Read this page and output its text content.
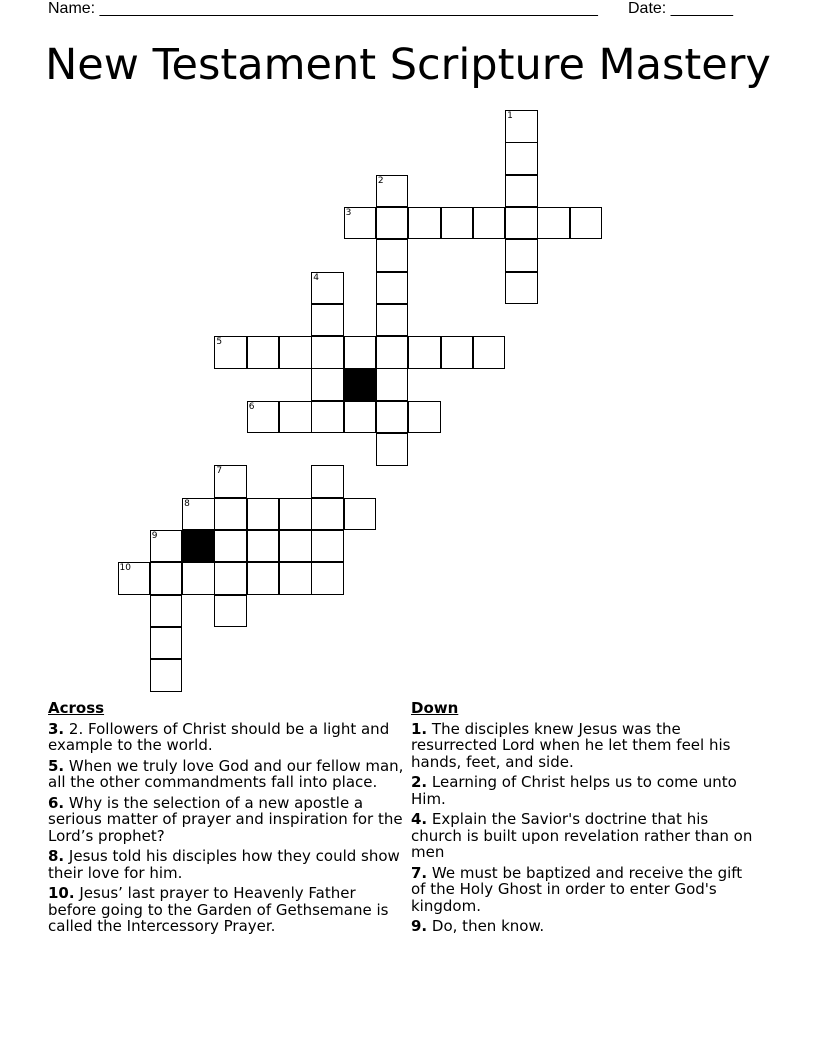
Name: ________________________________________________________

Date: _______

New Testament Scripture Mastery
1
2
3
4
5
6
7
8
9
10
Across
3. 2. Followers of Christ should be a light and example to the world.
5. When we truly love God and our fellow man, all the other commandments fall into place.
6. Why is the selection of a new apostle a serious matter of prayer and inspiration for the Lord’s prophet?
8. Jesus told his disciples how they could show their love for him.
10. Jesus’ last prayer to Heavenly Father before going to the Garden of Gethsemane is called the Intercessory Prayer.
Down
1. The disciples knew Jesus was the resurrected Lord when he let them feel his hands, feet, and side.
2. Learning of Christ helps us to come unto Him.
4. Explain the Savior's doctrine that his church is built upon revelation rather than on men
7. We must be baptized and receive the gift of the Holy Ghost in order to enter God's kingdom.
9. Do, then know.
